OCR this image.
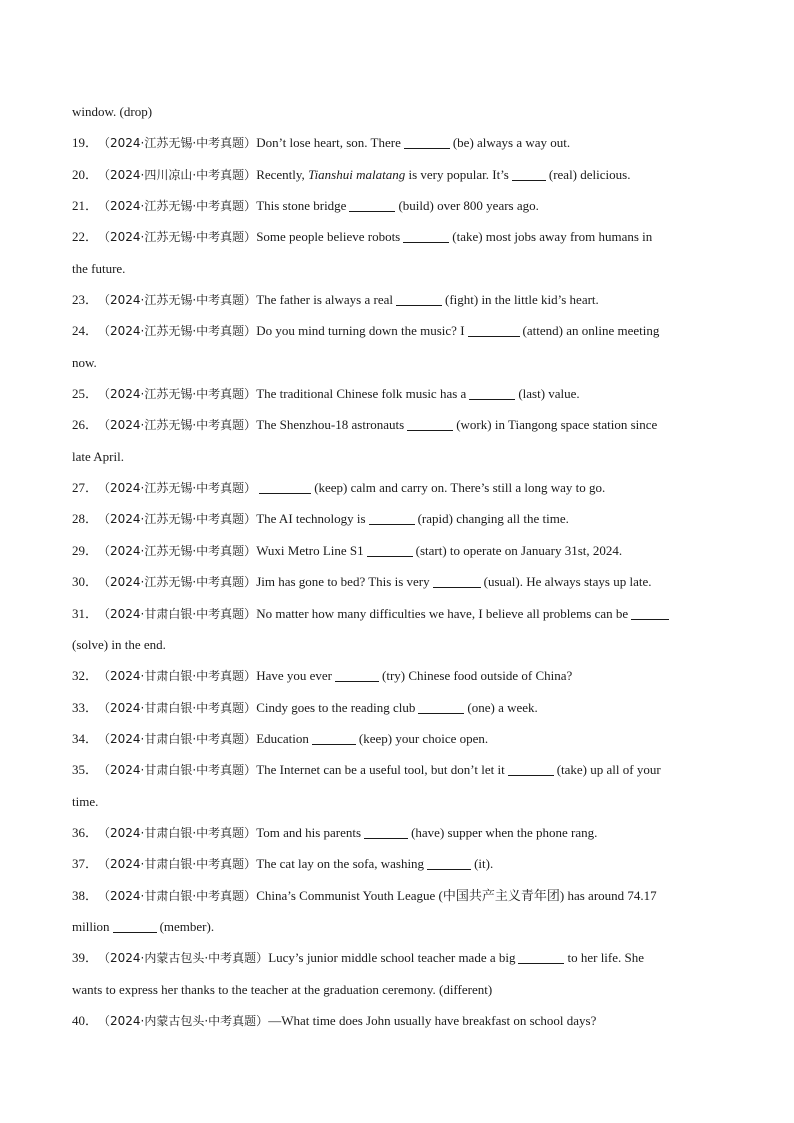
window. (drop)
19．（2024·江苏无锡·中考真题）Don’t lose heart, son. There	(be) always a way out.
20．（2024·四川凉山·中考真题）Recently, Tianshui malatang is very popular. It’s	(real) delicious.
21．（2024·江苏无锡·中考真题）This stone bridge	(build) over 800 years ago.
22．（2024·江苏无锡·中考真题）Some people believe robots	(take) most jobs away from humans in
the future.
23．（2024·江苏无锡·中考真题）The father is always a real	(fight) in the little kid’s heart.
24．（2024·江苏无锡·中考真题）Do you mind turning down the music? I	(attend) an online meeting
now.
25．（2024·江苏无锡·中考真题）The traditional Chinese folk music has a	(last) value.
26．（2024·江苏无锡·中考真题）The Shenzhou-18 astronauts	(work) in Tiangong space station since
late April.
27．（2024·江苏无锡·中考真题）	(keep) calm and carry on. There’s still a long way to go.
28．（2024·江苏无锡·中考真题）The AI technology is	(rapid) changing all the time.
29．（2024·江苏无锡·中考真题）Wuxi Metro Line S1	(start) to operate on January 31st, 2024.
30．（2024·江苏无锡·中考真题）Jim has gone to bed? This is very	(usual). He always stays up late.
31．（2024·甘肃白银·中考真题）No matter how many difficulties we have, I believe all problems can be
(solve) in the end.
32．（2024·甘肃白银·中考真题）Have you ever	(try) Chinese food outside of China?
33．（2024·甘肃白银·中考真题）Cindy goes to the reading club	(one) a week.
34．（2024·甘肃白银·中考真题）Education	(keep) your choice open.
35．（2024·甘肃白银·中考真题）The Internet can be a useful tool, but don’t let it	(take) up all of your
time.
36．（2024·甘肃白银·中考真题）Tom and his parents	(have) supper when the phone rang.
37．（2024·甘肃白银·中考真题）The cat lay on the sofa, washing	(it).
38．（2024·甘肃白银·中考真题）China’s Communist Youth League (中国共产主义青年团) has around 74.17
million	(member).
39．（2024·内蒙古包头·中考真题）Lucy’s junior middle school teacher made a big	to her life. She
wants to express her thanks to the teacher at the graduation ceremony. (different)
40．（2024·内蒙古包头·中考真题）—What time does John usually have breakfast on school days?
